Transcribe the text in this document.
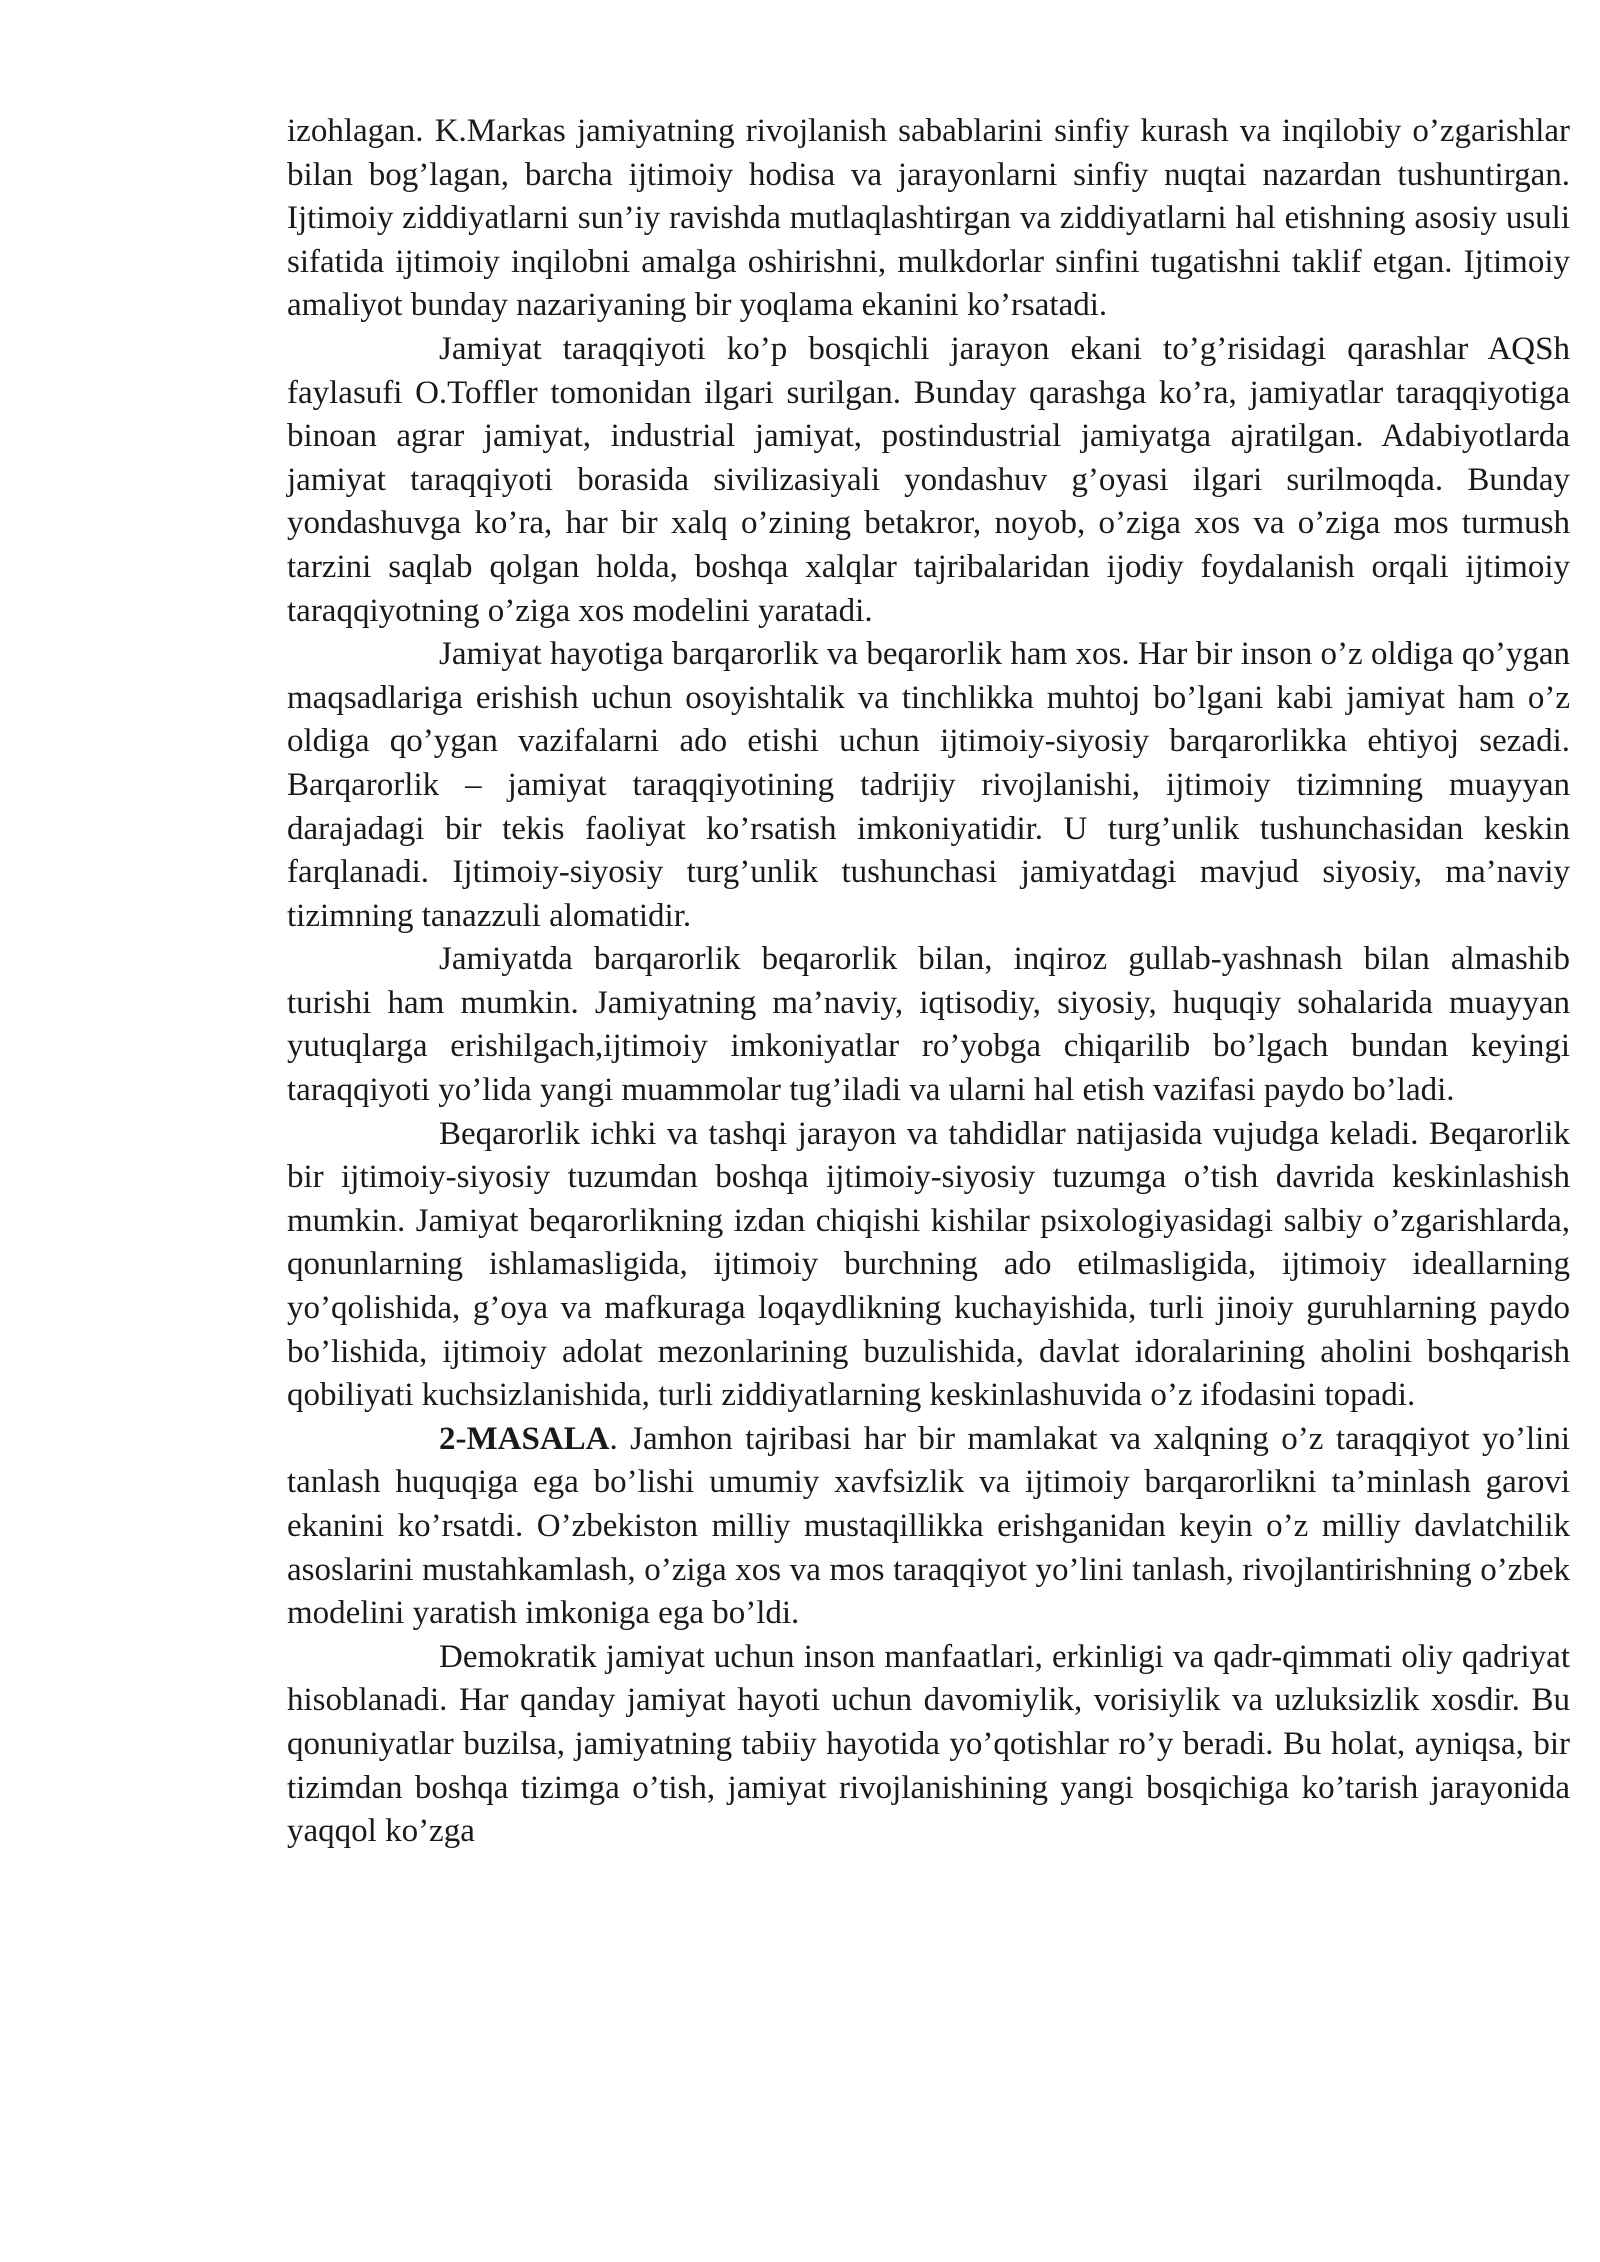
izohlagan. K.Markas jamiyatning rivojlanish sabablarini sinfiy kurash va inqilobiy o’zgarishlar bilan bog’lagan, barcha ijtimoiy hodisa va jarayonlarni sinfiy nuqtai nazardan tushuntirgan. Ijtimoiy ziddiyatlarni sun’iy ravishda mutlaqlashtirgan va ziddiyatlarni hal etishning asosiy usuli sifatida ijtimoiy inqilobni amalga oshirishni, mulkdorlar sinfini tugatishni taklif etgan. Ijtimoiy amaliyot bunday nazariyaning bir yoqlama ekanini ko’rsatadi.

Jamiyat taraqqiyoti ko’p bosqichli jarayon ekani to’g’risidagi qarashlar AQSh faylasufi O.Toffler tomonidan ilgari surilgan. Bunday qarashga ko’ra, jamiyatlar taraqqiyotiga binoan agrar jamiyat, industrial jamiyat, postindustrial jamiyatga ajratilgan. Adabiyotlarda jamiyat taraqqiyoti borasida sivilizasiyali yondashuv g’oyasi ilgari surilmoqda. Bunday yondashuvga ko’ra, har bir xalq o’zining betakror, noyob, o’ziga xos va o’ziga mos turmush tarzini saqlab qolgan holda, boshqa xalqlar tajribalaridan ijodiy foydalanish orqali ijtimoiy taraqqiyotning o’ziga xos modelini yaratadi.

Jamiyat hayotiga barqarorlik va beqarorlik ham xos. Har bir inson o’z oldiga qo’ygan maqsadlariga erishish uchun osoyishtalik va tinchlikka muhtoj bo’lgani kabi jamiyat ham o’z oldiga qo’ygan vazifalarni ado etishi uchun ijtimoiy-siyosiy barqarorlikka ehtiyoj sezadi. Barqarorlik – jamiyat taraqqiyotining tadrijiy rivojlanishi, ijtimoiy tizimning muayyan darajadagi bir tekis faoliyat ko’rsatish imkoniyatidir. U turg’unlik tushunchasidan keskin farqlanadi. Ijtimoiy-siyosiy turg’unlik tushunchasi jamiyatdagi mavjud siyosiy, ma’naviy tizimning tanazzuli alomatidir.

Jamiyatda barqarorlik beqarorlik bilan, inqiroz gullab-yashnash bilan almashib turishi ham mumkin. Jamiyatning ma’naviy, iqtisodiy, siyosiy, huquqiy sohalarida muayyan yutuqlarga erishilgach,ijtimoiy imkoniyatlar ro’yobga chiqarilib bo’lgach bundan keyingi taraqqiyoti yo’lida yangi muammolar tug’iladi va ularni hal etish vazifasi paydo bo’ladi.

Beqarorlik ichki va tashqi jarayon va tahdidlar natijasida vujudga keladi. Beqarorlik bir ijtimoiy-siyosiy tuzumdan boshqa ijtimoiy-siyosiy tuzumga o’tish davrida keskinlashish mumkin. Jamiyat beqarorlikning izdan chiqishi kishilar psixologiyasidagi salbiy o’zgarishlarda, qonunlarning ishlamasligida, ijtimoiy burchning ado etilmasligida, ijtimoiy ideallarning yo’qolishida, g’oya va mafkuraga loqaydlikning kuchayishida, turli jinoiy guruhlarning paydo bo’lishida, ijtimoiy adolat mezonlarining buzulishida, davlat idoralarining aholini boshqarish qobiliyati kuchsizlanishida, turli ziddiyatlarning keskinlashuvida o’z ifodasini topadi.

2-MASALA. Jamhon tajribasi har bir mamlakat va xalqning o’z taraqqiyot yo’lini tanlash huquqiga ega bo’lishi umumiy xavfsizlik va ijtimoiy barqarorlikni ta’minlash garovi ekanini ko’rsatdi. O’zbekiston milliy mustaqillikka erishganidan keyin o’z milliy davlatchilik asoslarini mustahkamlash, o’ziga xos va mos taraqqiyot yo’lini tanlash, rivojlantirishning o’zbek modelini yaratish imkoniga ega bo’ldi.

Demokratik jamiyat uchun inson manfaatlari, erkinligi va qadr-qimmati oliy qadriyat hisoblanadi. Har qanday jamiyat hayoti uchun davomiylik, vorisiylik va uzluksizlik xosdir. Bu qonuniyatlar buzilsa, jamiyatning tabiiy hayotida yo’qotishlar ro’y beradi. Bu holat, ayniqsa, bir tizimdan boshqa tizimga o’tish, jamiyat rivojlanishining yangi bosqichiga ko’tarish jarayonida yaqqol ko’zga
